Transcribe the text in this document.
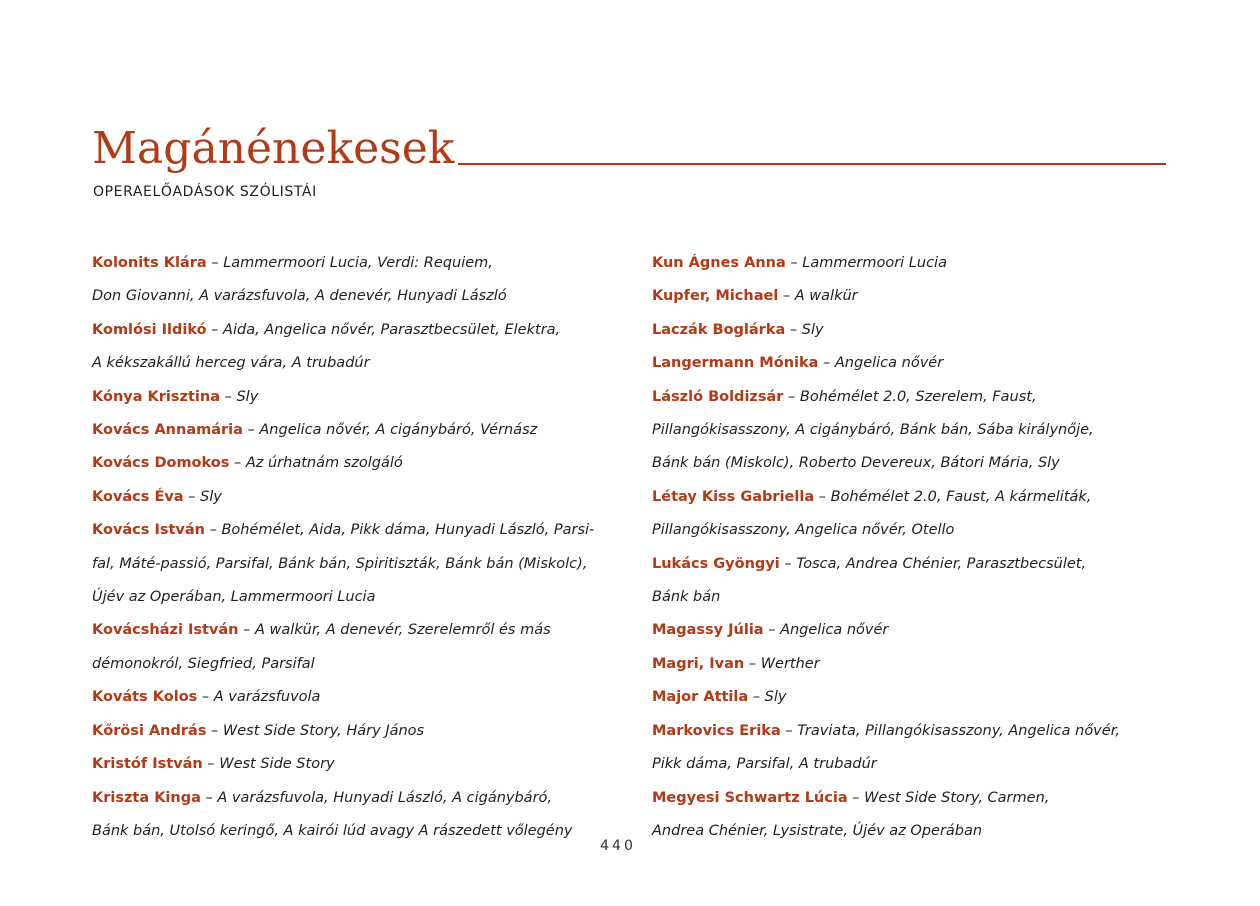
Magánénekesek
OPERAELŐADÁSOK SZÓLISTÁI
Kolonits Klára – Lammermoori Lucia, Verdi: Requiem,
Don Giovanni, A varázsfuvola, A denevér, Hunyadi László
Komlósi Ildikó – Aida, Angelica nővér, Parasztbecsület, Elektra,
A kékszakállú herceg vára, A trubadúr
Kónya Krisztina – Sly
Kovács Annamária – Angelica nővér, A cigánybáró, Vérnász
Kovács Domokos – Az úrhatnám szolgáló
Kovács Éva – Sly
Kovács István – Bohémélet, Aida, Pikk dáma, Hunyadi László, Parsi-
fal, Máté-passió, Parsifal, Bánk bán, Spiritiszták, Bánk bán (Miskolc),
Újév az Operában, Lammermoori Lucia
Kovácsházi István – A walkür, A denevér, Szerelemről és más
démonokról, Siegfried, Parsifal
Kováts Kolos – A varázsfuvola
Kőrösi András – West Side Story, Háry János
Kristóf István – West Side Story
Kriszta Kinga – A varázsfuvola, Hunyadi László, A cigánybáró,
Bánk bán, Utolsó keringő, A kairói lúd avagy A rászedett vőlegény
Kun Ágnes Anna – Lammermoori Lucia
Kupfer, Michael – A walkür
Laczák Boglárka – Sly
Langermann Mónika – Angelica nővér
László Boldizsár – Bohémélet 2.0, Szerelem, Faust,
Pillangókisasszony, A cigánybáró, Bánk bán, Sába királynője,
Bánk bán (Miskolc), Roberto Devereux, Bátori Mária, Sly
Létay Kiss Gabriella – Bohémélet 2.0, Faust, A kármeliták,
Pillangókisasszony, Angelica nővér, Otello
Lukács Gyöngyi – Tosca, Andrea Chénier, Parasztbecsület,
Bánk bán
Magassy Júlia – Angelica nővér
Magri, Ivan – Werther
Major Attila – Sly
Markovics Erika – Traviata, Pillangókisasszony, Angelica nővér,
Pikk dáma, Parsifal, A trubadúr
Megyesi Schwartz Lúcia – West Side Story, Carmen,
Andrea Chénier, Lysistrate, Újév az Operában
440
